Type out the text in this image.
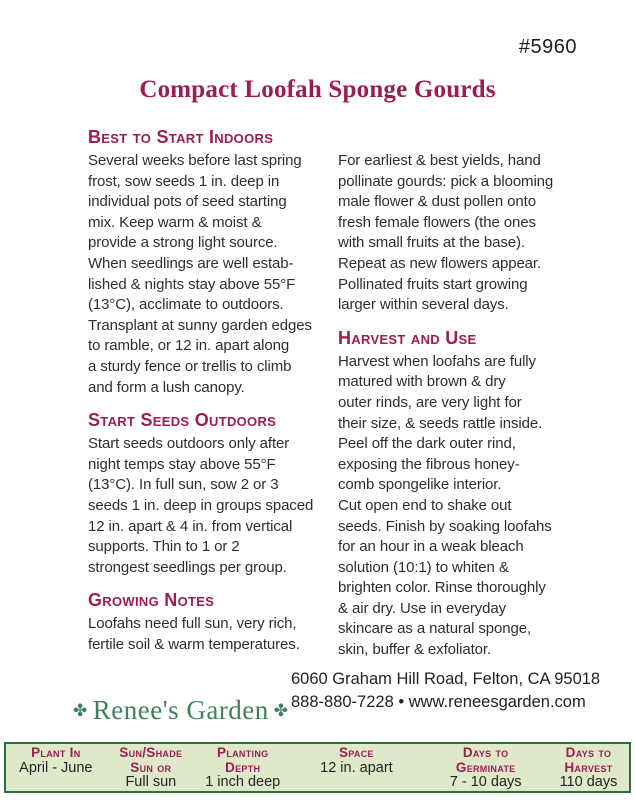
#5960
Compact Loofah Sponge Gourds
Best to Start Indoors
Several weeks before last spring
frost, sow seeds 1 in. deep in
individual pots of seed starting
mix. Keep warm & moist &
provide a strong light source.
When seedlings are well estab-
lished & nights stay above 55°F
(13°C), acclimate to outdoors.
Transplant at sunny garden edges
to ramble, or 12 in. apart along
a sturdy fence or trellis to climb
and form a lush canopy.
Start Seeds Outdoors
Start seeds outdoors only after
night temps stay above 55°F
(13°C). In full sun, sow 2 or 3
seeds 1 in. deep in groups spaced
12 in. apart & 4 in. from vertical
supports. Thin to 1 or 2
strongest seedlings per group.
Growing Notes
Loofahs need full sun, very rich,
fertile soil & warm temperatures.
For earliest & best yields, hand
pollinate gourds: pick a blooming
male flower & dust pollen onto
fresh female flowers (the ones
with small fruits at the base).
Repeat as new flowers appear.
Pollinated fruits start growing
larger within several days.
Harvest and Use
Harvest when loofahs are fully
matured with brown & dry
outer rinds, are very light for
their size, & seeds rattle inside.
Peel off the dark outer rind,
exposing the fibrous honey-
comb spongelike interior.
Cut open end to shake out
seeds. Finish by soaking loofahs
for an hour in a weak bleach
solution (10:1) to whiten &
brighten color. Rinse thoroughly
& air dry. Use in everyday
skincare as a natural sponge,
skin, buffer & exfoliator.
6060 Graham Hill Road, Felton, CA 95018
888-880-7228 • www.reneesgarden.com
✤ Renee's Garden ✤
Plant In
April - June
Sun/Shade
Sun or
Full sun
Planting
Depth
1 inch deep
Space
12 in. apart
Days to
Germinate
7 - 10 days
Days to
Harvest
110 days
